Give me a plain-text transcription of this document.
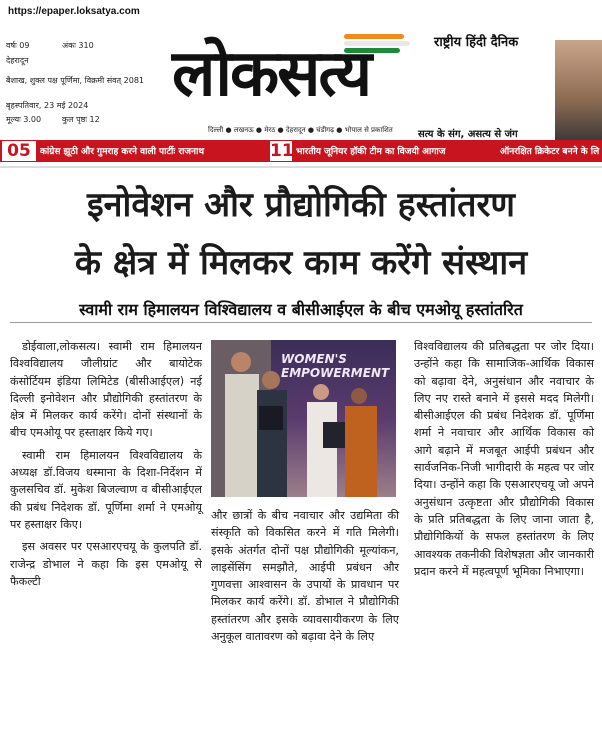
https://epaper.loksatya.com
वर्षः 09	अंकः 310
देहरादून
बैशाख, शुक्ल पक्ष पूर्णिमा, विक्रमी संवत् 2081
बृहस्पतिवार, 23 मई 2024
मूल्यः 3.00	कुल पृष्ठः 12
राष्ट्रीय हिंदी दैनिक
लोकसत्य
दिल्ली ● लखनऊ ● मेरठ ● देहरादून ● चंडीगढ़ ● भोपाल से प्रकाशित	सत्य के संग, असत्य से जंग
05	कांग्रेस झूठी और गुमराह करने वाली पार्टीः राजनाथ	11 भारतीय जूनियर हॉकी टीम का विजयी आगाज	ऑनरक्षित क्रिकेटर बनने के लि
इनोवेशन और प्रौद्योगिकी हस्तांतरण
के क्षेत्र में मिलकर काम करेंगे संस्थान
स्वामी राम हिमालयन विश्विद्यालय व बीसीआईएल के बीच एमओयू हस्तांतरित

डोईवाला,लोकसत्य। स्वामी राम हिमालयन विश्वविद्यालय जौलीग्रांट और बायोटेक कंसोर्टियम इंडिया लिमिटेड (बीसीआईएल) नई दिल्ली इनोवेशन और प्रौद्योगिकी हस्तांतरण के क्षेत्र में मिलकर कार्य करेंगे। दोनों संस्थानों के बीच एमओयू पर हस्ताक्षर किये गए।

स्वामी राम हिमालयन विश्वविद्यालय के अध्यक्ष डॉ.विजय धस्माना के दिशा-निर्देशन में कुलसचिव डॉ. मुकेश बिजल्वाण व बीसीआईएल की प्रबंध निदेशक डॉ. पूर्णिमा शर्मा ने एमओयू पर हस्ताक्षर किए।

इस अवसर पर एसआरएचयू के कुलपति डॉ. राजेन्द्र डोभाल ने कहा कि इस एमओयू से फैकल्टी

WOMEN'S EMPOWERMENT

और छात्रों के बीच नवाचार और उद्यमिता की संस्कृति को विकसित करने में गति मिलेगी। इसके अंतर्गत दोनों पक्ष प्रौद्योगिकी मूल्यांकन, लाइसेंसिंग समझौते, आईपी प्रबंधन और गुणवत्ता आश्वासन के उपायों के प्रावधान पर मिलकर कार्य करेंगे। डॉ. डोभाल ने प्रौद्योगिकी हस्तांतरण और इसके व्यावसायीकरण के लिए अनुकूल वातावरण को बढ़ावा देने के लिए

विश्वविद्यालय की प्रतिबद्धता पर जोर दिया। उन्होंने कहा कि सामाजिक-आर्थिक विकास को बढ़ावा देने, अनुसंधान और नवाचार के लिए नए रास्ते बनाने में इससे मदद मिलेगी।बीसीआईएल की प्रबंध निदेशक डॉ. पूर्णिमा शर्मा ने नवाचार और आर्थिक विकास को आगे बढ़ाने में मजबूत आईपी प्रबंधन और सार्वजनिक-निजी भागीदारी के महत्व पर जोर दिया। उन्होंने कहा कि एसआरएचयू जो अपने अनुसंधान उत्कृष्टता और प्रौद्योगिकी विकास के प्रति प्रतिबद्धता के लिए जाना जाता है, प्रौद्योगिकियों के सफल हस्तांतरण के लिए आवश्यक तकनीकी विशेषज्ञता और जानकारी प्रदान करने में महत्वपूर्ण भूमिका निभाएगा।
